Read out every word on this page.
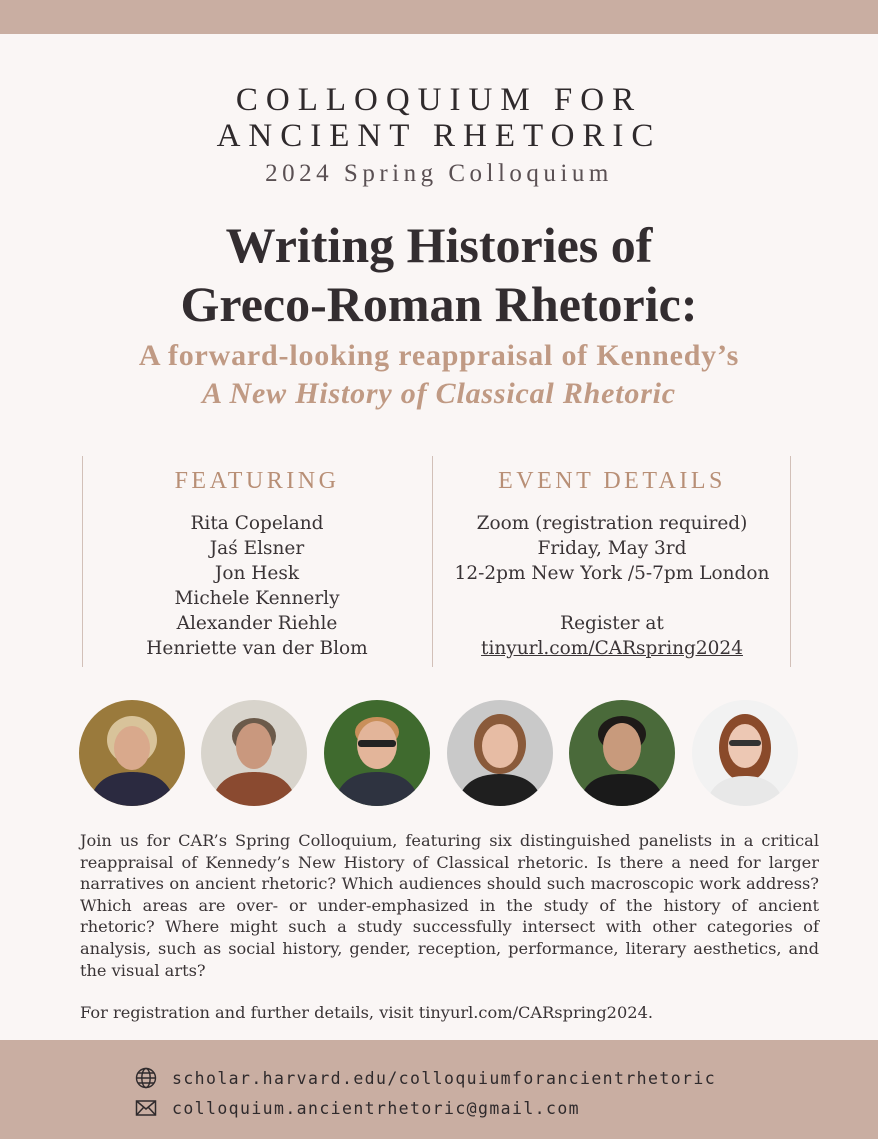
COLLOQUIUM FOR
ANCIENT RHETORIC
2024 Spring Colloquium
Writing Histories of
Greco-Roman Rhetoric:
A forward-looking reappraisal of Kennedy’s
A New History of Classical Rhetoric
FEATURING	EVENT DETAILS
Rita Copeland
Jaś Elsner
Jon Hesk
Michele Kennerly
Alexander Riehle
Henriette van der Blom
Zoom (registration required)
Friday, May 3rd
12-2pm New York /5-7pm London
Register at
tinyurl.com/CARspring2024
Join us for CAR’s Spring Colloquium, featuring six distinguished panelists in a critical reappraisal of Kennedy’s New History of Classical rhetoric. Is there a need for larger narratives on ancient rhetoric? Which audiences should such macroscopic work address? Which areas are over- or under-emphasized in the study of the history of ancient rhetoric? Where might such a study successfully intersect with other categories of analysis, such as social history, gender, reception, performance, literary aesthetics, and the visual arts?
For registration and further details, visit tinyurl.com/CARspring2024.
scholar.harvard.edu/colloquiumforancientrhetoric
colloquium.ancientrhetoric@gmail.com
